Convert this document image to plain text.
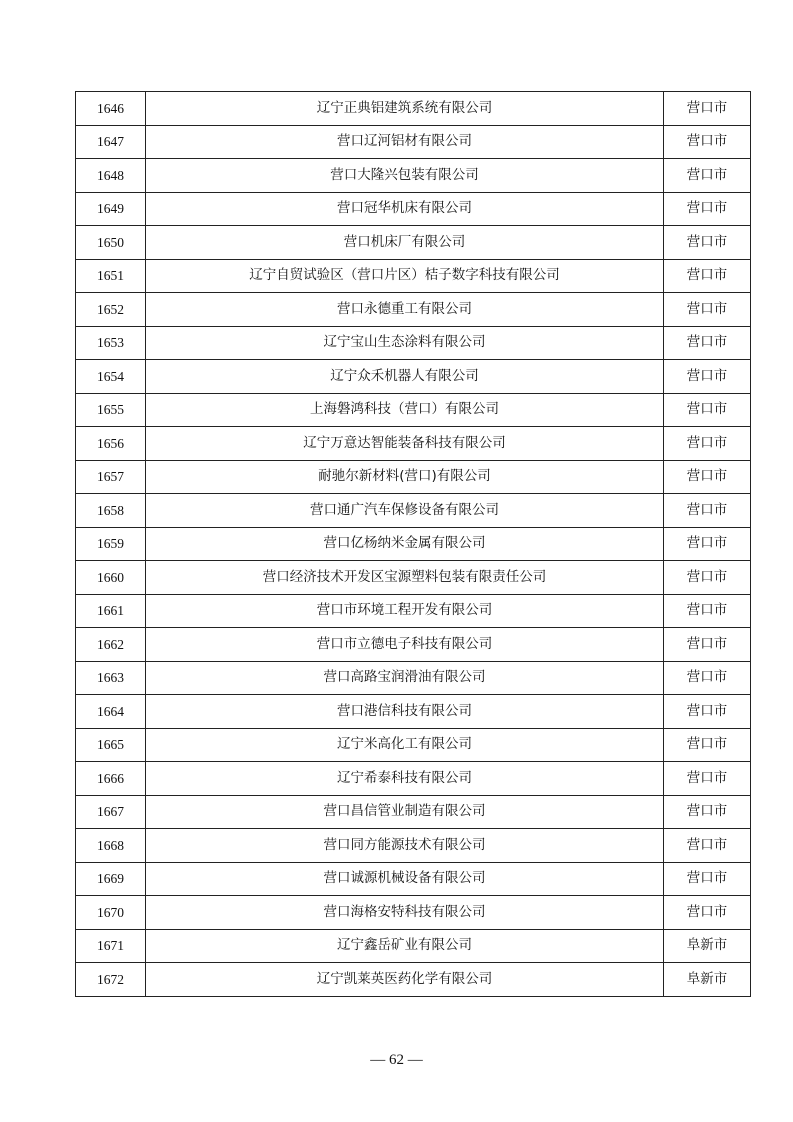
1646	辽宁正典铝建筑系统有限公司	营口市
1647	营口辽河铝材有限公司	营口市
1648	营口大隆兴包装有限公司	营口市
1649	营口冠华机床有限公司	营口市
1650	营口机床厂有限公司	营口市
1651	辽宁自贸试验区（营口片区）桔子数字科技有限公司	营口市
1652	营口永德重工有限公司	营口市
1653	辽宁宝山生态涂料有限公司	营口市
1654	辽宁众禾机器人有限公司	营口市
1655	上海磐鸿科技（营口）有限公司	营口市
1656	辽宁万意达智能装备科技有限公司	营口市
1657	耐驰尔新材料(营口)有限公司	营口市
1658	营口通广汽车保修设备有限公司	营口市
1659	营口亿杨纳米金属有限公司	营口市
1660	营口经济技术开发区宝源塑料包装有限责任公司	营口市
1661	营口市环境工程开发有限公司	营口市
1662	营口市立德电子科技有限公司	营口市
1663	营口高路宝润滑油有限公司	营口市
1664	营口港信科技有限公司	营口市
1665	辽宁米高化工有限公司	营口市
1666	辽宁希泰科技有限公司	营口市
1667	营口昌信管业制造有限公司	营口市
1668	营口同方能源技术有限公司	营口市
1669	营口诚源机械设备有限公司	营口市
1670	营口海格安特科技有限公司	营口市
1671	辽宁鑫岳矿业有限公司	阜新市
1672	辽宁凯莱英医药化学有限公司	阜新市
— 62 —
